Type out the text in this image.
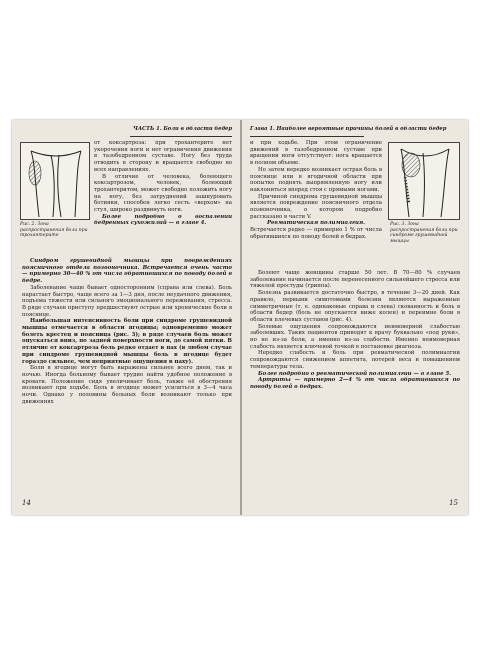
ЧАСТЬ 1. Боли в области бедер
Рис. 2. Зона распространения боли при трохантерите

от коксартроза: при трохантерите нет укорочения ноги и нет ограничения движения в тазобедренном суставе. Ногу без труда отводить в сторону и вращается свободно во всех направлениях.

В отличие от человека, болеющего коксартрозом, человек, болеющий трохантеритом, может свободно положить ногу на ногу, без затруднений зашнуровать ботинки, способен легко сесть «верхом» на стул, широко раздвинуть ноги.

Более подробно о воспалении бедренных сухожилий — в главе 4.

Синдром грушевидной мышцы при повреждениях поясничного отдела позвоночника. Встречается очень часто — примерно 30—40 % от числа обратившихся по поводу болей в бедре.

Заболевание чаще бывает односторонним (справа или слева). Боль нарастает быстро, чаще всего за 1—3 дня, после неудачного движения, подъема тяжести или сильного эмоционального переживания, стресса. В ряде случаев приступу предшествуют острые или хронические боли в пояснице.

Наибольшая интенсивность боли при синдроме грушевидной мышцы отмечается в области ягодицы; одновременно может болеть крестец и поясница (рис. 3); в ряде случаев боль может опускаться вниз, по задней поверхности ноги, до самой пятки. В отличие от коксартроза боль редко отдает в пах (в любом случае при синдроме грушевидной мышцы боль в ягодице будет гораздо сильнее, чем неприятные ощущения в паху).

Боли в ягодице могут быть выражены сильнее всего днем, так и ночью. Иногда больному бывает трудно найти удобное положение в кровати. Положение сидя увеличивает боль, также её обострения возникают при ходьбе. Боль в ягодице может усилиться в 3—4 часа ночи. Однако у половины больных боли возникают только при движениях

14
Глава 1. Наиболее вероятные причины болей в области бедер

и при ходьбе. При этом ограничение движений в тазобедренном суставе при вращении ноги отсутствует: нога вращается в полном объеме.

Но затем нередко возникает острая боль в пояснице или в ягодичной области при попытке поднять выпрямленную ногу или наклониться вперед стоя с прямыми ногами.

Причиной синдрома грушевидной мышцы является повреждение поясничного отдела позвоночника, о котором подробно рассказано в части V.

Ревматическая полимиалгия.

Встречается редко — примерно 1 % от числа обратившихся по поводу болей в бедрах.

Рис. 3. Зона распространения боли при синдроме грушевидной мышцы

Болеют чаще женщины старше 50 лет. В 70—80 % случаев заболевание начинается после перенесенного сильнейшего стресса или тяжелой простуды (гриппа).

Болезнь развивается достаточно быстро, в течение 3—20 дней. Как правило, первыми симптомами болезни являются выраженные симметричные (т. е. одинаковые справа и слева) скованность и боль в области бедер (боль не опускается ниже колен) и переимне боли в области плечевых суставов (рис. 4).

Болевые ощущения сопровождаются неимоверной слабостью заболевших. Таких пациентов приводят к врачу буквально «под руки», но не из-за боли, а именно из-за слабости. Именно неимоверная слабость является ключевой точкой в постановке диагноза.

Нередко слабость и боль при ревматической полимиалгии сопровождаются снижением аппетита, потерей веса и повышением температуры тела.

Более подробно о ревматической полимиалгии — в главе 5.

Артриты — примерно 2—4 % от числа обратившихся по поводу болей в бедрах.

15
